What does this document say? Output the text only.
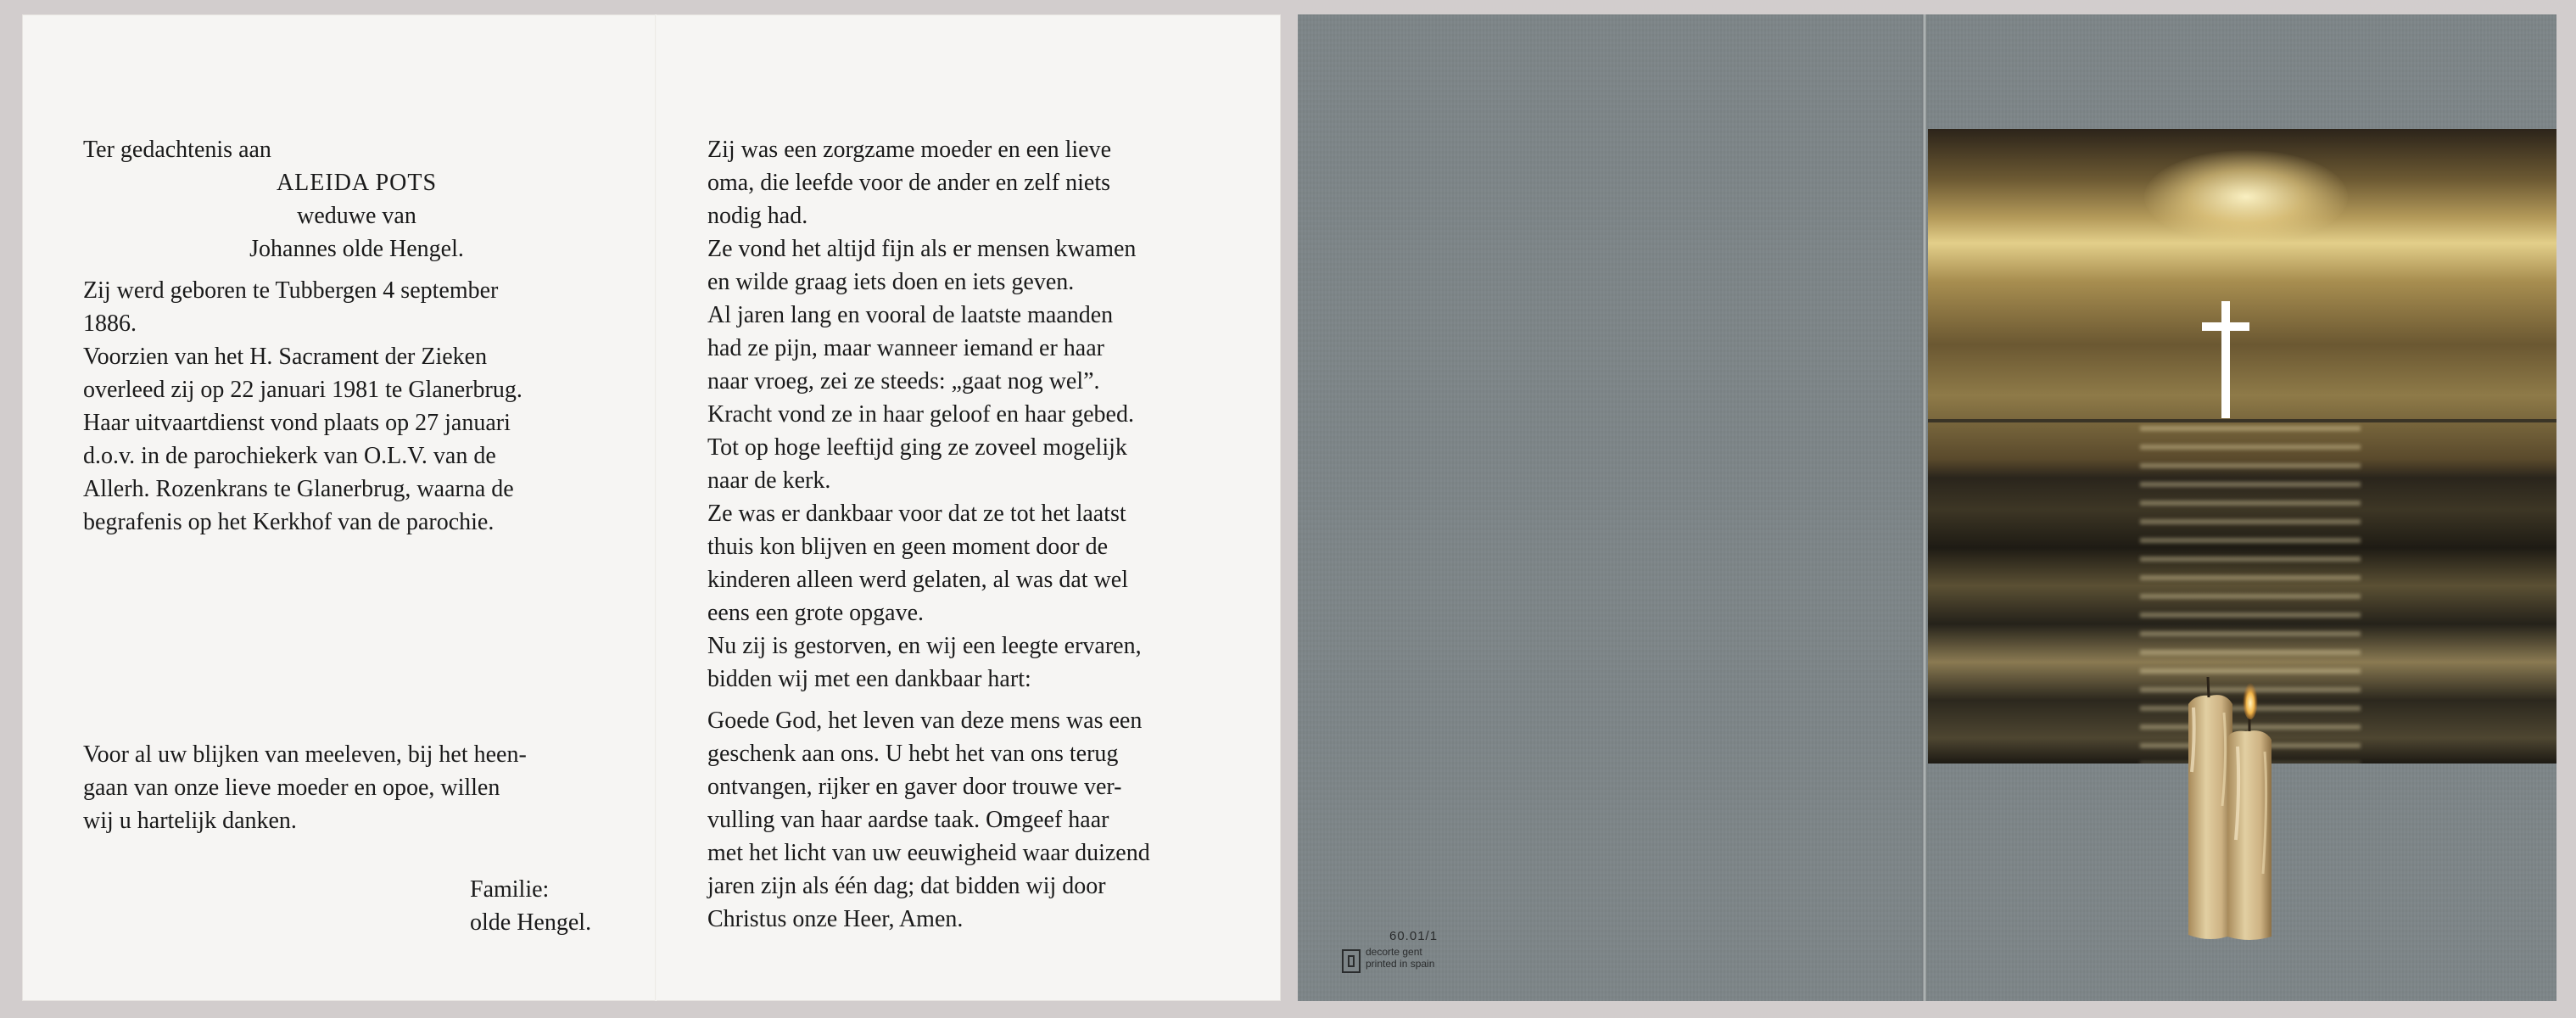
Ter gedachtenis aan

ALEIDA POTS

weduwe van

Johannes olde Hengel.

Zij werd geboren te Tubbergen 4 september

1886.

Voorzien van het H. Sacrament der Zieken

overleed zij op 22 januari 1981 te Glanerbrug.

Haar uitvaartdienst vond plaats op 27 januari

d.o.v. in de parochiekerk van O.L.V. van de

Allerh. Rozenkrans te Glanerbrug, waarna de

begrafenis op het Kerkhof van de parochie.

Voor al uw blijken van meeleven, bij het heen-

gaan van onze lieve moeder en opoe, willen

wij u hartelijk danken.

Familie:

olde Hengel.

Zij was een zorgzame moeder en een lieve

oma, die leefde voor de ander en zelf niets

nodig had.

Ze vond het altijd fijn als er mensen kwamen

en wilde graag iets doen en iets geven.

Al jaren lang en vooral de laatste maanden

had ze pijn, maar wanneer iemand er haar

naar vroeg, zei ze steeds: „gaat nog wel”.

Kracht vond ze in haar geloof en haar gebed.

Tot op hoge leeftijd ging ze zoveel mogelijk

naar de kerk.

Ze was er dankbaar voor dat ze tot het laatst

thuis kon blijven en geen moment door de

kinderen alleen werd gelaten, al was dat wel

eens een grote opgave.

Nu zij is gestorven, en wij een leegte ervaren,

bidden wij met een dankbaar hart:

Goede God, het leven van deze mens was een

geschenk aan ons. U hebt het van ons terug

ontvangen, rijker en gaver door trouwe ver-

vulling van haar aardse taak. Omgeef haar

met het licht van uw eeuwigheid waar duizend

jaren zijn als één dag; dat bidden wij door

Christus onze Heer, Amen.

60.01/1
decorte gent
printed in spain
